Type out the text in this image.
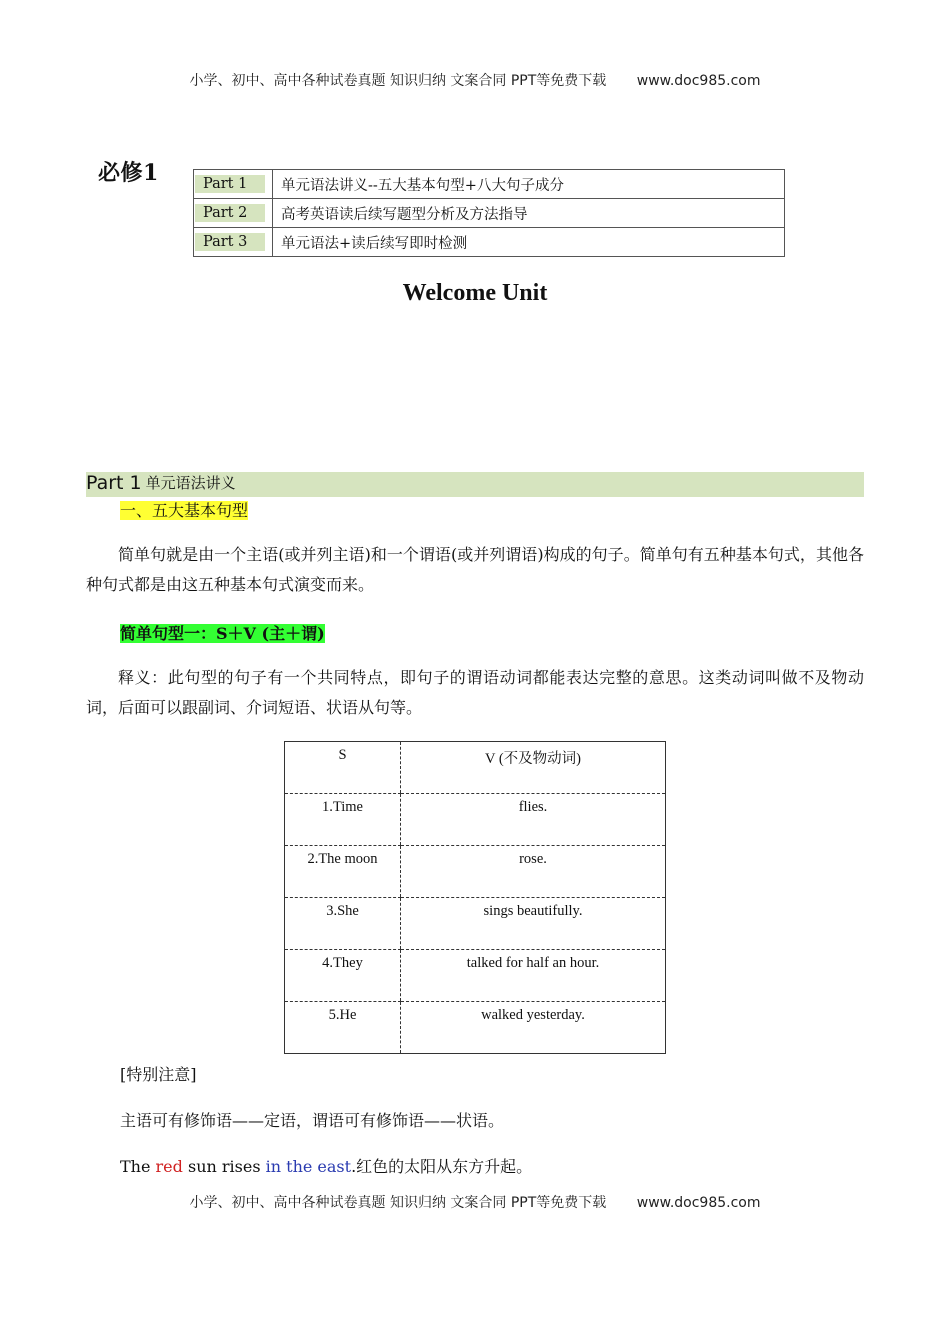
小学、初中、高中各种试卷真题 知识归纳 文案合同 PPT等免费下载 www.doc985.com
必修1	Part 1	单元语法讲义--五大基本句型+八大句子成分
Part 2	高考英语读后续写题型分析及方法指导
Part 3	单元语法+读后续写即时检测
Welcome Unit
Part 1 单元语法讲义
一、五大基本句型
简单句就是由一个主语(或并列主语)和一个谓语(或并列谓语)构成的句子。简单句有五种基本句式，其他各种句式都是由这五种基本句式演变而来。
简单句型一：S＋V (主＋谓)
释义：此句型的句子有一个共同特点，即句子的谓语动词都能表达完整的意思。这类动词叫做不及物动词，后面可以跟副词、介词短语、状语从句等。
S	V (不及物动词)
1.Time	flies.
2.The moon	rose.
3.She	sings beautifully.
4.They	talked for half an hour.
5.He	walked yesterday.
[特别注意]
主语可有修饰语——定语，谓语可有修饰语——状语。
The red sun rises in the east.红色的太阳从东方升起。
小学、初中、高中各种试卷真题 知识归纳 文案合同 PPT等免费下载 www.doc985.com
